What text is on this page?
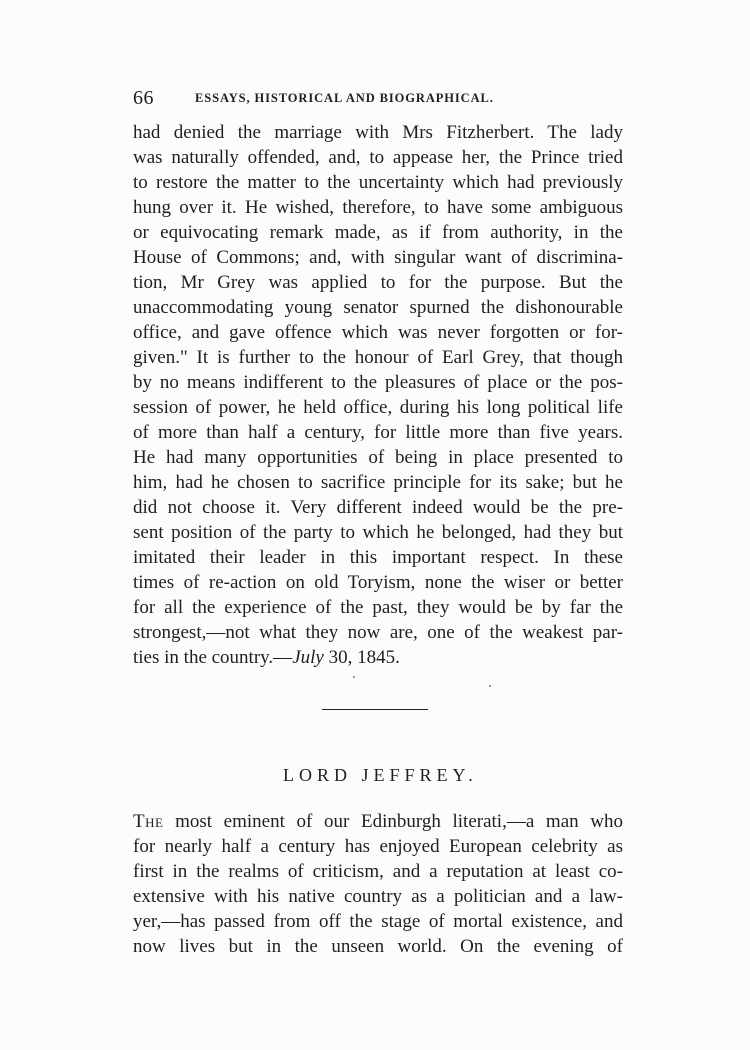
66	ESSAYS, HISTORICAL AND BIOGRAPHICAL.
had denied the marriage with Mrs Fitzherbert. The lady
was naturally offended, and, to appease her, the Prince tried
to restore the matter to the uncertainty which had previously
hung over it. He wished, therefore, to have some ambiguous
or equivocating remark made, as if from authority, in the
House of Commons; and, with singular want of discrimina-
tion, Mr Grey was applied to for the purpose. But the
unaccommodating young senator spurned the dishonourable
office, and gave offence which was never forgotten or for-
given." It is further to the honour of Earl Grey, that though
by no means indifferent to the pleasures of place or the pos-
session of power, he held office, during his long political life
of more than half a century, for little more than five years.
He had many opportunities of being in place presented to
him, had he chosen to sacrifice principle for its sake; but he
did not choose it. Very different indeed would be the pre-
sent position of the party to which he belonged, had they but
imitated their leader in this important respect. In these
times of re-action on old Toryism, none the wiser or better
for all the experience of the past, they would be by far the
strongest,—not what they now are, one of the weakest par-
ties in the country.—July 30, 1845.
LORD JEFFREY.
The most eminent of our Edinburgh literati,—a man who
for nearly half a century has enjoyed European celebrity as
first in the realms of criticism, and a reputation at least co-
extensive with his native country as a politician and a law-
yer,—has passed from off the stage of mortal existence, and
now lives but in the unseen world. On the evening of
